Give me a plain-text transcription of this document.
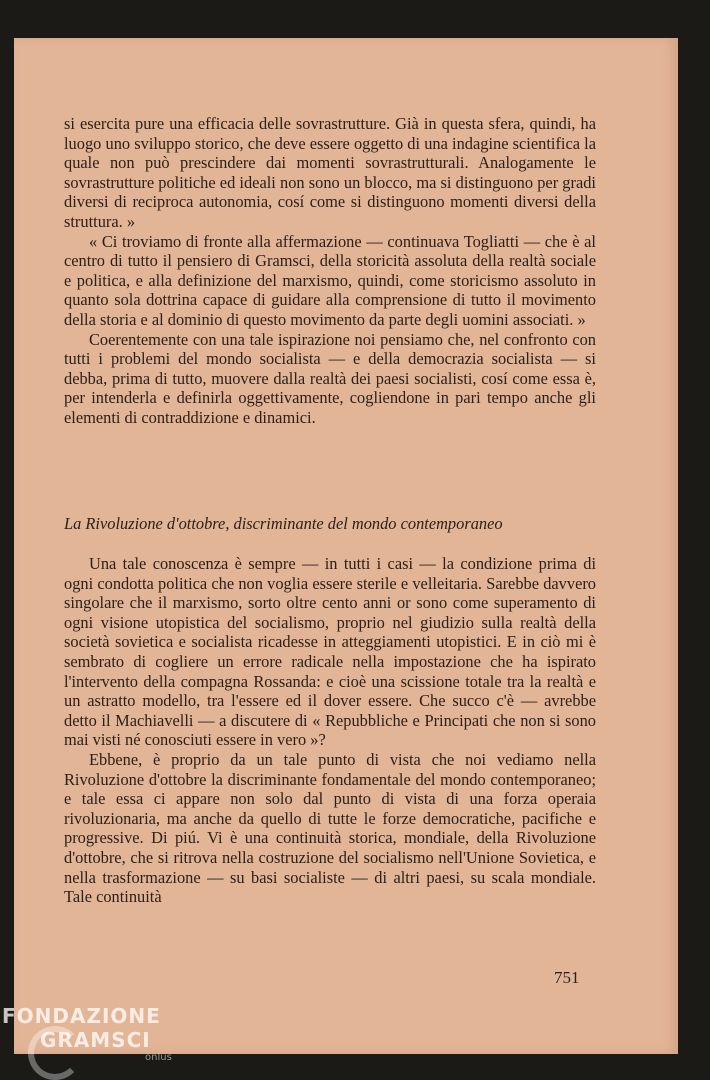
si esercita pure una efficacia delle sovrastrutture. Già in questa sfera, quindi, ha luogo uno sviluppo storico, che deve essere oggetto di una indagine scientifica la quale non può prescindere dai momenti sovrastrutturali. Analogamente le sovrastrutture politiche ed ideali non sono un blocco, ma si distinguono per gradi diversi di reciproca autonomia, cosí come si distinguono momenti diversi della struttura. »

« Ci troviamo di fronte alla affermazione — continuava Togliatti — che è al centro di tutto il pensiero di Gramsci, della storicità assoluta della realtà sociale e politica, e alla definizione del marxismo, quindi, come storicismo assoluto in quanto sola dottrina capace di guidare alla comprensione di tutto il movimento della storia e al dominio di questo movimento da parte degli uomini associati. »

Coerentemente con una tale ispirazione noi pensiamo che, nel confronto con tutti i problemi del mondo socialista — e della democrazia socialista — si debba, prima di tutto, muovere dalla realtà dei paesi socialisti, cosí come essa è, per intenderla e definirla oggettivamente, cogliendone in pari tempo anche gli elementi di contraddizione e dinamici.

La Rivoluzione d'ottobre, discriminante del mondo contemporaneo

Una tale conoscenza è sempre — in tutti i casi — la condizione prima di ogni condotta politica che non voglia essere sterile e velleitaria. Sarebbe davvero singolare che il marxismo, sorto oltre cento anni or sono come superamento di ogni visione utopistica del socialismo, proprio nel giudizio sulla realtà della società sovietica e socialista ricadesse in atteggiamenti utopistici. E in ciò mi è sembrato di cogliere un errore radicale nella impostazione che ha ispirato l'intervento della compagna Rossanda: e cioè una scissione totale tra la realtà e un astratto modello, tra l'essere ed il dover essere. Che succo c'è — avrebbe detto il Machiavelli — a discutere di « Repubbliche e Principati che non si sono mai visti né conosciuti essere in vero »?

Ebbene, è proprio da un tale punto di vista che noi vediamo nella Rivoluzione d'ottobre la discriminante fondamentale del mondo contemporaneo; e tale essa ci appare non solo dal punto di vista di una forza operaia rivoluzionaria, ma anche da quello di tutte le forze democratiche, pacifiche e progressive. Di piú. Vi è una continuità storica, mondiale, della Rivoluzione d'ottobre, che si ritrova nella costruzione del socialismo nell'Unione Sovietica, e nella trasformazione — su basi socialiste — di altri paesi, su scala mondiale. Tale continuità

751
FONDAZIONE
GRAMSCI
onlus
